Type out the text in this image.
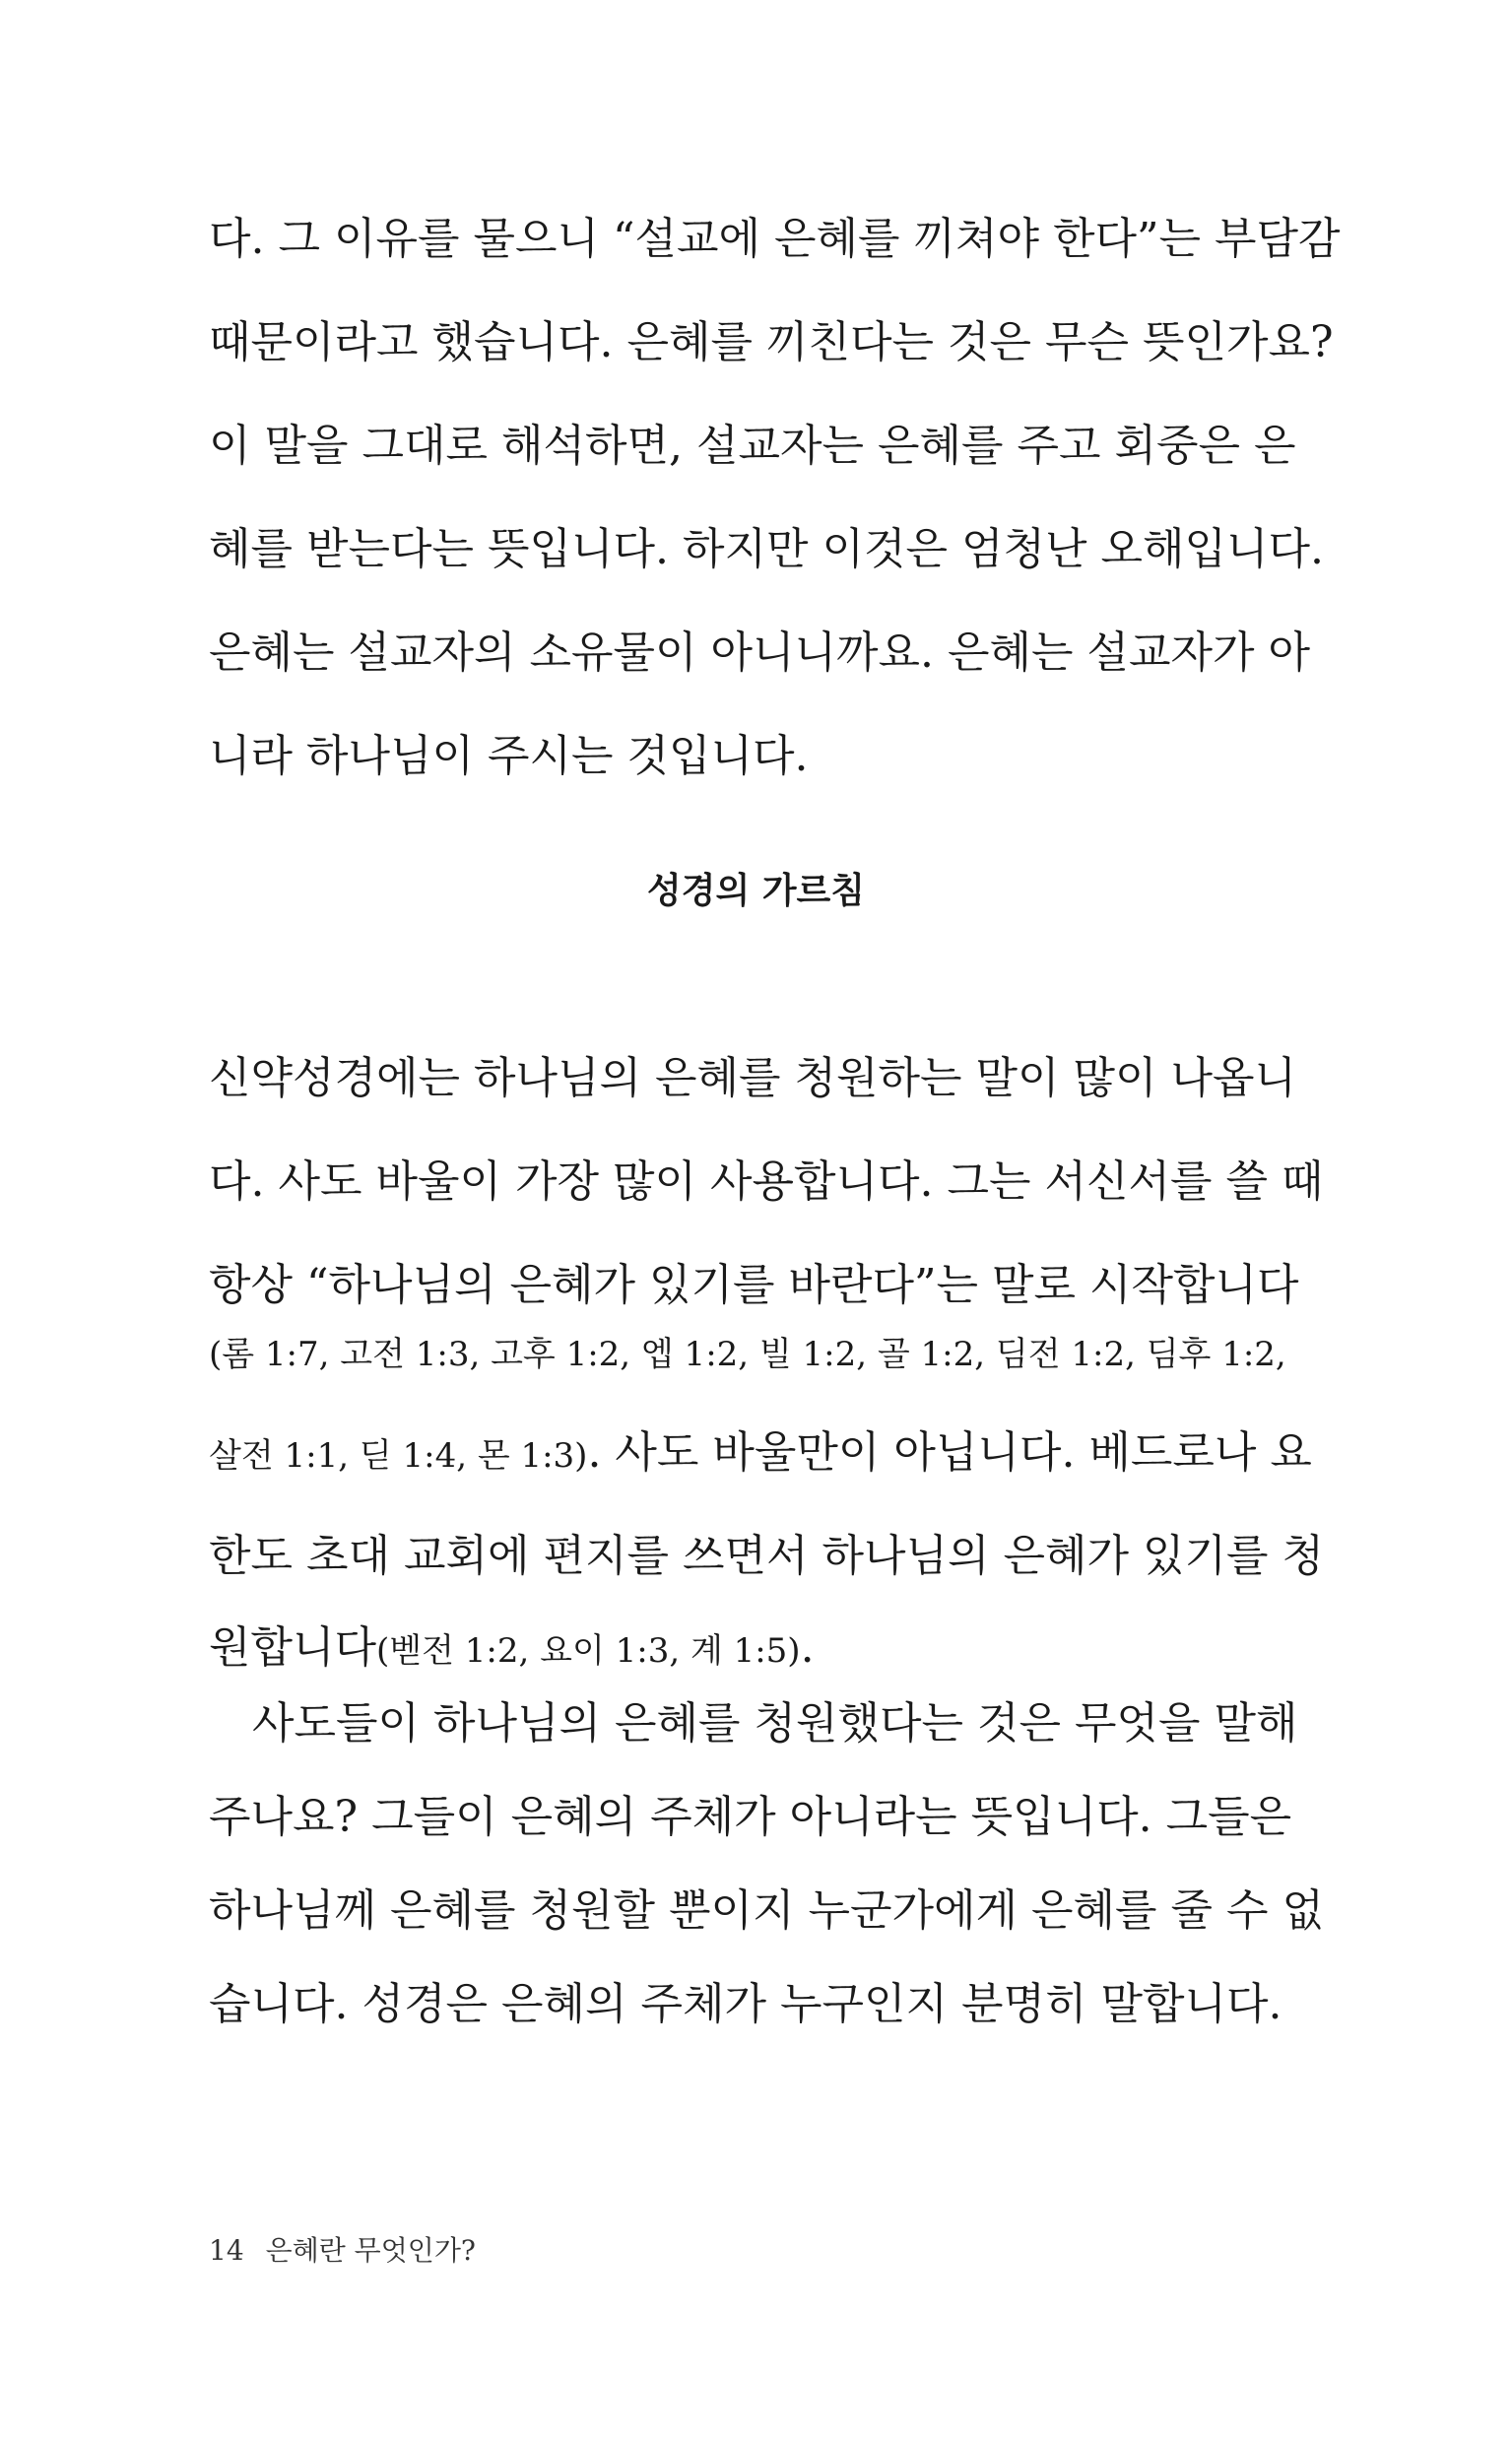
다. 그 이유를 물으니 “설교에 은혜를 끼쳐야 한다”는 부담감
때문이라고 했습니다. 은혜를 끼친다는 것은 무슨 뜻인가요?
이 말을 그대로 해석하면, 설교자는 은혜를 주고 회중은 은
혜를 받는다는 뜻입니다. 하지만 이것은 엄청난 오해입니다.
은혜는 설교자의 소유물이 아니니까요. 은혜는 설교자가 아
니라 하나님이 주시는 것입니다.
성경의 가르침
신약성경에는 하나님의 은혜를 청원하는 말이 많이 나옵니
다. 사도 바울이 가장 많이 사용합니다. 그는 서신서를 쓸 때
항상 “하나님의 은혜가 있기를 바란다”는 말로 시작합니다
(롬 1:7, 고전 1:3, 고후 1:2, 엡 1:2, 빌 1:2, 골 1:2, 딤전 1:2, 딤후 1:2,
살전 1:1, 딛 1:4, 몬 1:3). 사도 바울만이 아닙니다. 베드로나 요
한도 초대 교회에 편지를 쓰면서 하나님의 은혜가 있기를 청
원합니다(벧전 1:2, 요이 1:3, 계 1:5).
사도들이 하나님의 은혜를 청원했다는 것은 무엇을 말해
주나요? 그들이 은혜의 주체가 아니라는 뜻입니다. 그들은
하나님께 은혜를 청원할 뿐이지 누군가에게 은혜를 줄 수 없
습니다. 성경은 은혜의 주체가 누구인지 분명히 말합니다.
14 은혜란 무엇인가?
